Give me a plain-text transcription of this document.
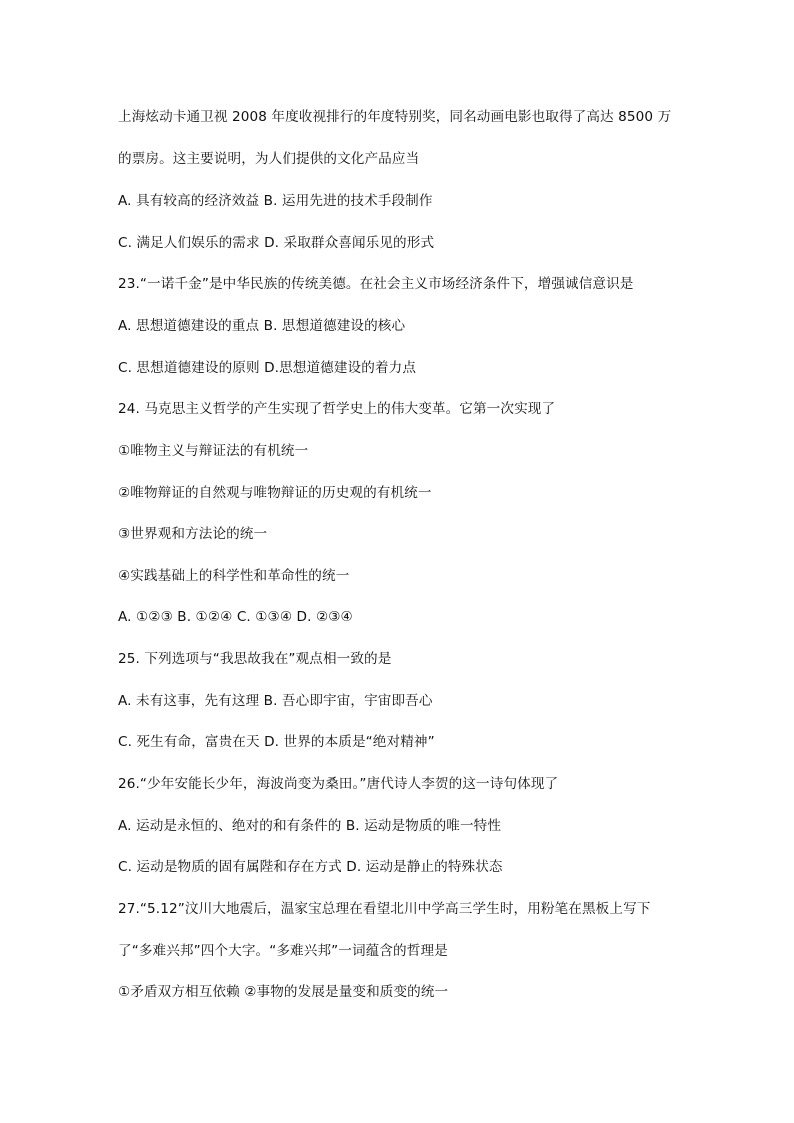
上海炫动卡通卫视 2008 年度收视排行的年度特别奖，同名动画电影也取得了高达 8500 万
的票房。这主要说明，为人们提供的文化产品应当
A. 具有较高的经济效益 B. 运用先进的技术手段制作
C. 满足人们娱乐的需求 D. 采取群众喜闻乐见的形式
23.“一诺千金”是中华民族的传统美德。在社会主义市场经济条件下，增强诚信意识是
A. 思想道德建设的重点 B. 思想道德建设的核心
C. 思想道德建设的原则 D.思想道德建设的着力点
24. 马克思主义哲学的产生实现了哲学史上的伟大变革。它第一次实现了
①唯物主义与辩证法的有机统一
②唯物辩证的自然观与唯物辩证的历史观的有机统一
③世界观和方法论的统一
④实践基础上的科学性和革命性的统一
A. ①②③ B. ①②④ C. ①③④ D. ②③④
25. 下列选项与“我思故我在”观点相一致的是
A. 未有这事，先有这理 B. 吾心即宇宙，宇宙即吾心
C. 死生有命，富贵在天 D. 世界的本质是“绝对精神”
26.“少年安能长少年，海波尚变为桑田。”唐代诗人李贺的这一诗句体现了
A. 运动是永恒的、绝对的和有条件的 B. 运动是物质的唯一特性
C. 运动是物质的固有属陛和存在方式 D. 运动是静止的特殊状态
27.“5.12”汶川大地震后，温家宝总理在看望北川中学高三学生时，用粉笔在黑板上写下
了“多难兴邦”四个大字。“多难兴邦”一词蕴含的哲理是
①矛盾双方相互依赖 ②事物的发展是量变和质变的统一
